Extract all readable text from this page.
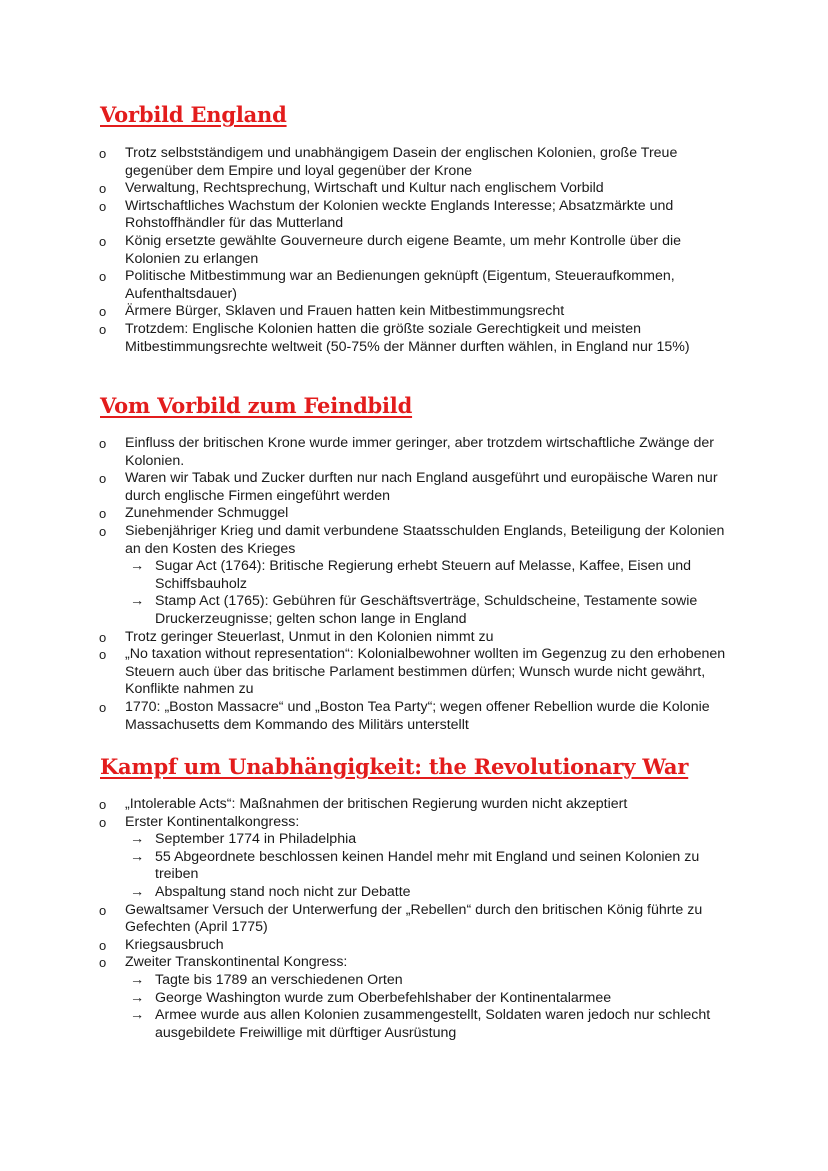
Vorbild England
o Trotz selbstständigem und unabhängigem Dasein der englischen Kolonien, große Treue gegenüber dem Empire und loyal gegenüber der Krone
o Verwaltung, Rechtsprechung, Wirtschaft und Kultur nach englischem Vorbild
o Wirtschaftliches Wachstum der Kolonien weckte Englands Interesse; Absatzmärkte und Rohstoffhändler für das Mutterland
o König ersetzte gewählte Gouverneure durch eigene Beamte, um mehr Kontrolle über die Kolonien zu erlangen
o Politische Mitbestimmung war an Bedienungen geknüpft (Eigentum, Steueraufkommen, Aufenthaltsdauer)
o Ärmere Bürger, Sklaven und Frauen hatten kein Mitbestimmungsrecht
o Trotzdem: Englische Kolonien hatten die größte soziale Gerechtigkeit und meisten Mitbestimmungsrechte weltweit (50-75% der Männer durften wählen, in England nur 15%)
Vom Vorbild zum Feindbild
o Einfluss der britischen Krone wurde immer geringer, aber trotzdem wirtschaftliche Zwänge der Kolonien.
o Waren wir Tabak und Zucker durften nur nach England ausgeführt und europäische Waren nur durch englische Firmen eingeführt werden
o Zunehmender Schmuggel
o Siebenjähriger Krieg und damit verbundene Staatsschulden Englands, Beteiligung der Kolonien an den Kosten des Krieges
→ Sugar Act (1764): Britische Regierung erhebt Steuern auf Melasse, Kaffee, Eisen und Schiffsbauholz
→ Stamp Act (1765): Gebühren für Geschäftsverträge, Schuldscheine, Testamente sowie Druckerzeugnisse; gelten schon lange in England
o Trotz geringer Steuerlast, Unmut in den Kolonien nimmt zu
o „No taxation without representation“: Kolonialbewohner wollten im Gegenzug zu den erhobenen Steuern auch über das britische Parlament bestimmen dürfen; Wunsch wurde nicht gewährt, Konflikte nahmen zu
o 1770: „Boston Massacre“ und „Boston Tea Party“; wegen offener Rebellion wurde die Kolonie Massachusetts dem Kommando des Militärs unterstellt
Kampf um Unabhängigkeit: the Revolutionary War
o „Intolerable Acts“: Maßnahmen der britischen Regierung wurden nicht akzeptiert
o Erster Kontinentalkongress:
→ September 1774 in Philadelphia
→ 55 Abgeordnete beschlossen keinen Handel mehr mit England und seinen Kolonien zu treiben
→ Abspaltung stand noch nicht zur Debatte
o Gewaltsamer Versuch der Unterwerfung der „Rebellen“ durch den britischen König führte zu Gefechten (April 1775)
o Kriegsausbruch
o Zweiter Transkontinental Kongress:
→ Tagte bis 1789 an verschiedenen Orten
→ George Washington wurde zum Oberbefehlshaber der Kontinentalarmee
→ Armee wurde aus allen Kolonien zusammengestellt, Soldaten waren jedoch nur schlecht ausgebildete Freiwillige mit dürftiger Ausrüstung
